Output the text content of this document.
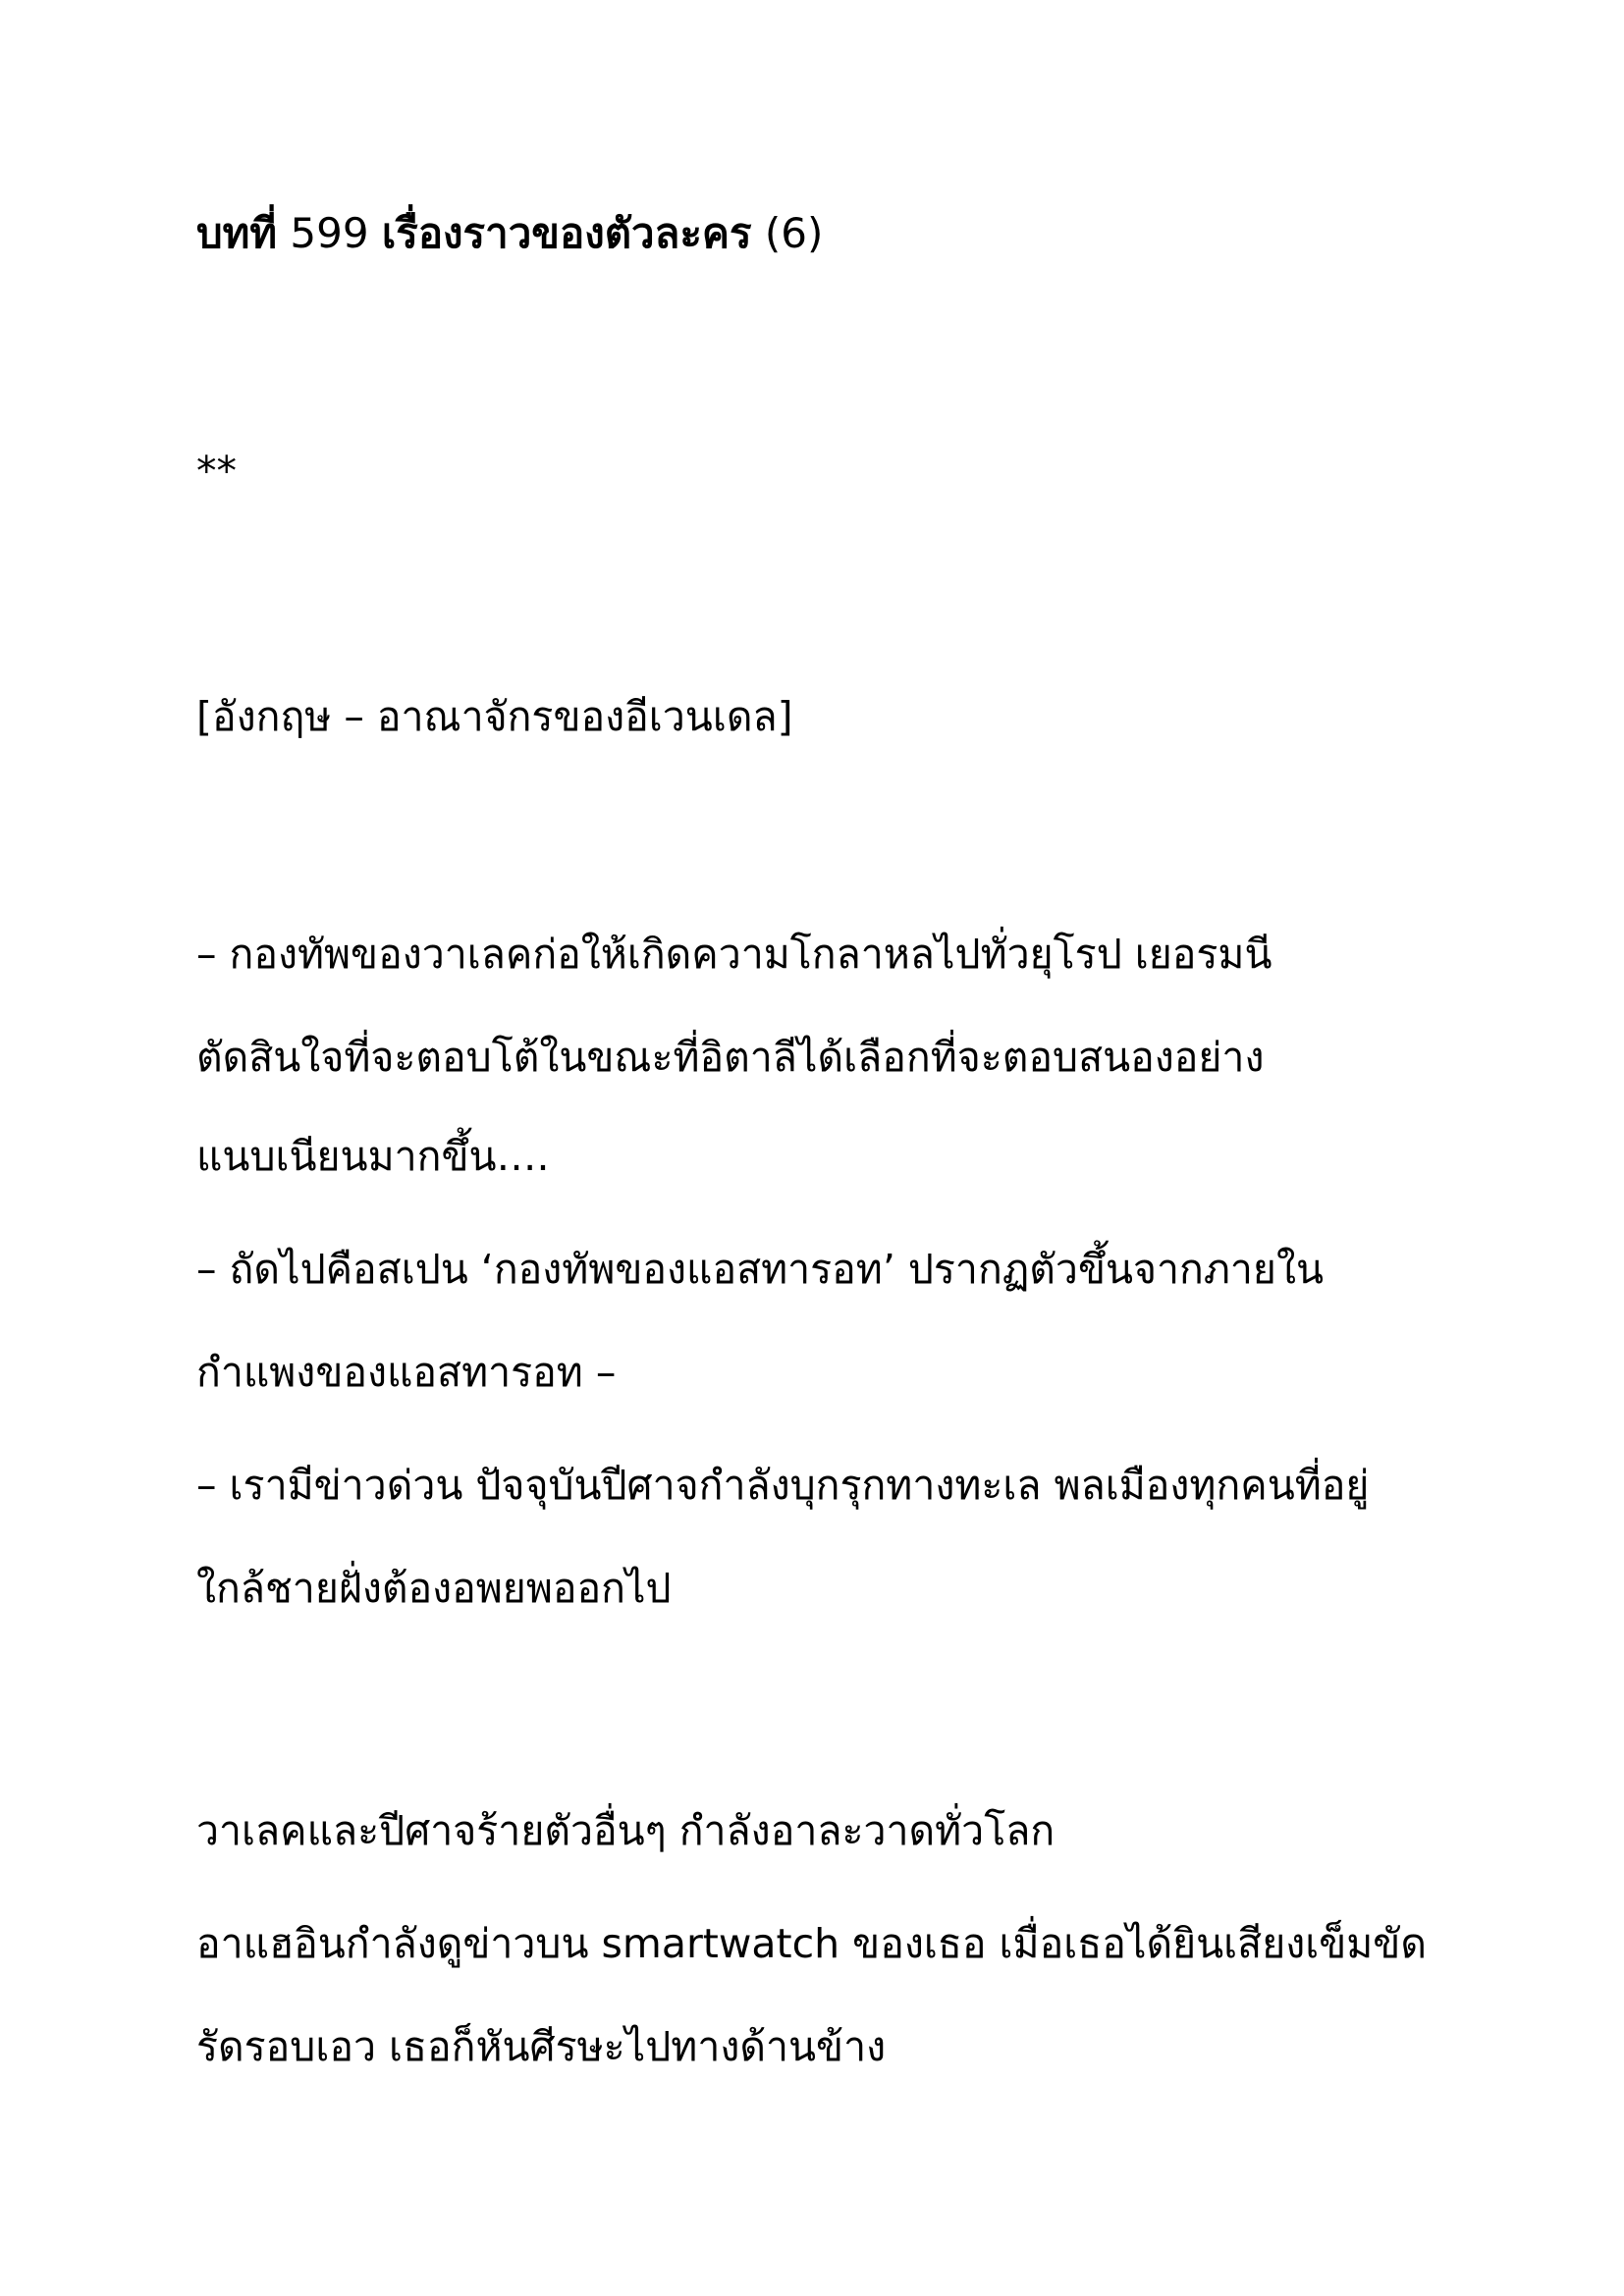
บทที่ 599 เรื่องราวของตัวละคร (6)

**

[อังกฤษ – อาณาจักรของอีเวนเดล]

– กองทัพของวาเลคก่อให้เกิดความโกลาหลไปทั่วยุโรป เยอรมนี

ตัดสินใจที่จะตอบโต้ในขณะที่อิตาลีได้เลือกที่จะตอบสนองอย่าง

แนบเนียนมากขึ้น….

– ถัดไปคือสเปน ‘กองทัพของแอสทารอท’ ปรากฏตัวขึ้นจากภายใน

กำแพงของแอสทารอท –

– เรามีข่าวด่วน ปัจจุบันปีศาจกำลังบุกรุกทางทะเล พลเมืองทุกคนที่อยู่

ใกล้ชายฝั่งต้องอพยพออกไป

วาเลคและปีศาจร้ายตัวอื่นๆ กำลังอาละวาดทั่วโลก

อาแฮอินกำลังดูข่าวบน smartwatch ของเธอ เมื่อเธอได้ยินเสียงเข็มขัด

รัดรอบเอว เธอก็หันศีรษะไปทางด้านข้าง
